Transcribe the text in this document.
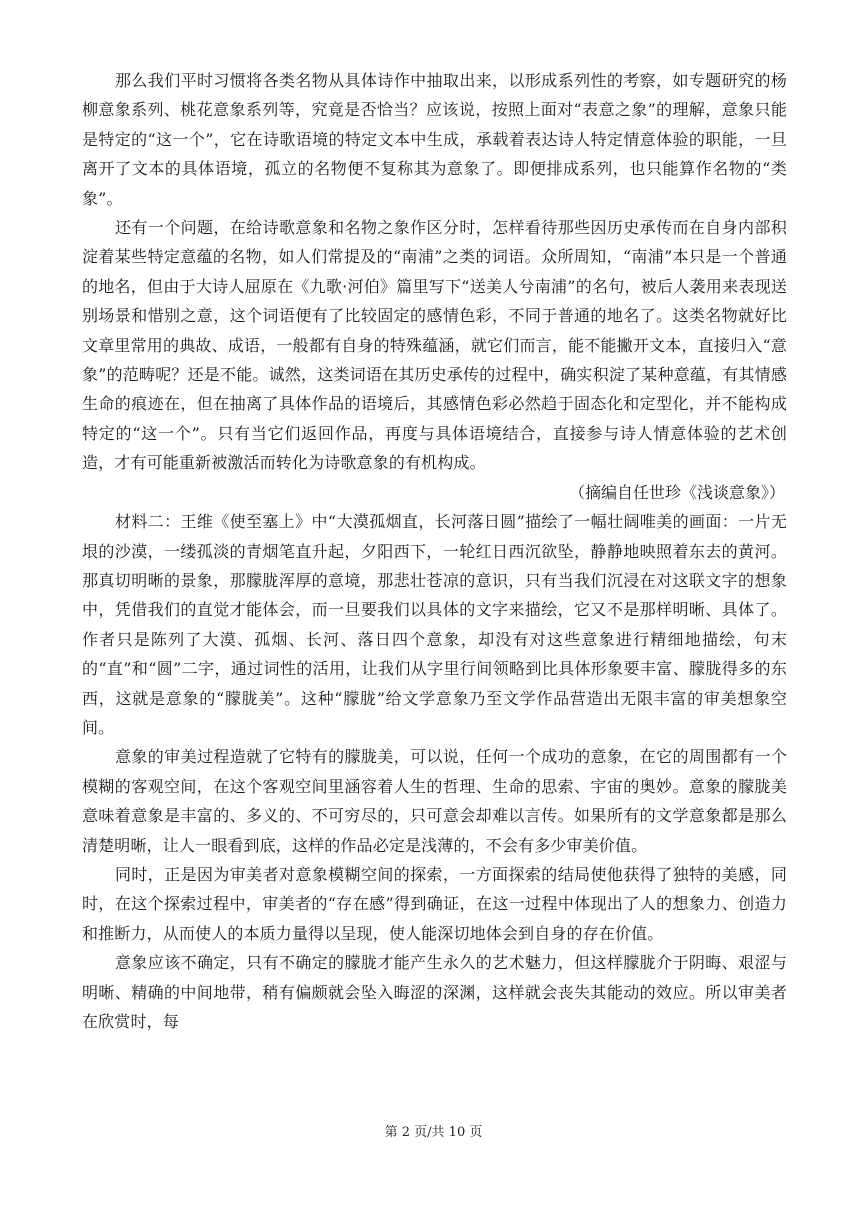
那么我们平时习惯将各类名物从具体诗作中抽取出来，以形成系列性的考察，如专题研究的杨柳意象系列、桃花意象系列等，究竟是否恰当？应该说，按照上面对“表意之象”的理解，意象只能是特定的“这一个”，它在诗歌语境的特定文本中生成，承载着表达诗人特定情意体验的职能，一旦离开了文本的具体语境，孤立的名物便不复称其为意象了。即便排成系列，也只能算作名物的“类象”。

还有一个问题，在给诗歌意象和名物之象作区分时，怎样看待那些因历史承传而在自身内部积淀着某些特定意蕴的名物，如人们常提及的“南浦”之类的词语。众所周知，“南浦”本只是一个普通的地名，但由于大诗人屈原在《九歌·河伯》篇里写下“送美人兮南浦”的名句，被后人袭用来表现送别场景和惜别之意，这个词语便有了比较固定的感情色彩，不同于普通的地名了。这类名物就好比文章里常用的典故、成语，一般都有自身的特殊蕴涵，就它们而言，能不能撇开文本，直接归入“意象”的范畴呢？还是不能。诚然，这类词语在其历史承传的过程中，确实积淀了某种意蕴，有其情感生命的痕迹在，但在抽离了具体作品的语境后，其感情色彩必然趋于固态化和定型化，并不能构成特定的“这一个”。只有当它们返回作品，再度与具体语境结合，直接参与诗人情意体验的艺术创造，才有可能重新被激活而转化为诗歌意象的有机构成。

（摘编自任世珍《浅谈意象》）

材料二：王维《使至塞上》中“大漠孤烟直，长河落日圆”描绘了一幅壮阔唯美的画面：一片无垠的沙漠，一缕孤淡的青烟笔直升起，夕阳西下，一轮红日西沉欲坠，静静地映照着东去的黄河。那真切明晰的景象，那朦胧浑厚的意境，那悲壮苍凉的意识，只有当我们沉浸在对这联文字的想象中，凭借我们的直觉才能体会，而一旦要我们以具体的文字来描绘，它又不是那样明晰、具体了。作者只是陈列了大漠、孤烟、长河、落日四个意象，却没有对这些意象进行精细地描绘，句末的“直”和“圆”二字，通过词性的活用，让我们从字里行间领略到比具体形象要丰富、朦胧得多的东西，这就是意象的“朦胧美”。这种“朦胧”给文学意象乃至文学作品营造出无限丰富的审美想象空间。

意象的审美过程造就了它特有的朦胧美，可以说，任何一个成功的意象，在它的周围都有一个模糊的客观空间，在这个客观空间里涵容着人生的哲理、生命的思索、宇宙的奥妙。意象的朦胧美意味着意象是丰富的、多义的、不可穷尽的，只可意会却难以言传。如果所有的文学意象都是那么清楚明晰，让人一眼看到底，这样的作品必定是浅薄的，不会有多少审美价值。

同时，正是因为审美者对意象模糊空间的探索，一方面探索的结局使他获得了独特的美感，同时，在这个探索过程中，审美者的“存在感”得到确证，在这一过程中体现出了人的想象力、创造力和推断力，从而使人的本质力量得以呈现，使人能深切地体会到自身的存在价值。

意象应该不确定，只有不确定的朦胧才能产生永久的艺术魅力，但这样朦胧介于阴晦、艰涩与明晰、精确的中间地带，稍有偏颇就会坠入晦涩的深渊，这样就会丧失其能动的效应。所以审美者在欣赏时，每

第 2 页/共 10 页
